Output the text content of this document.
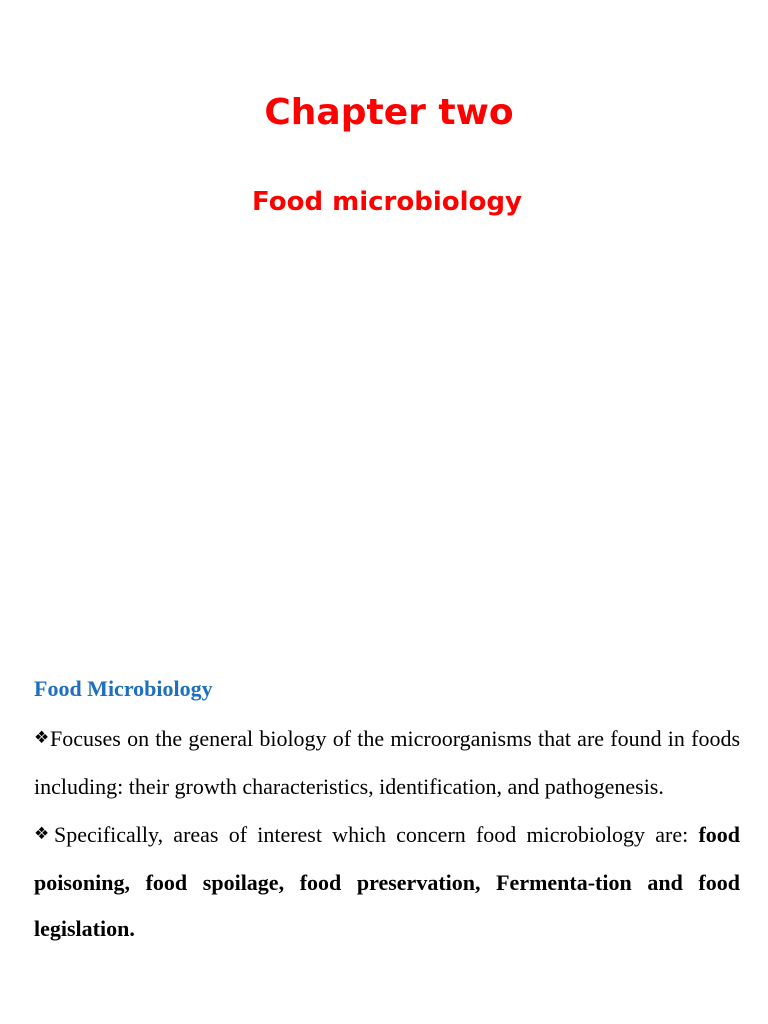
Chapter two
Food microbiology
Food Microbiology

❖Focuses on the general biology of the microorganisms that are found in foods including: their growth characteristics, identification, and pathogenesis.

❖Specifically, areas of interest which concern food microbiology are: food poisoning, food spoilage, food preservation, Fermenta-tion and food legislation.
